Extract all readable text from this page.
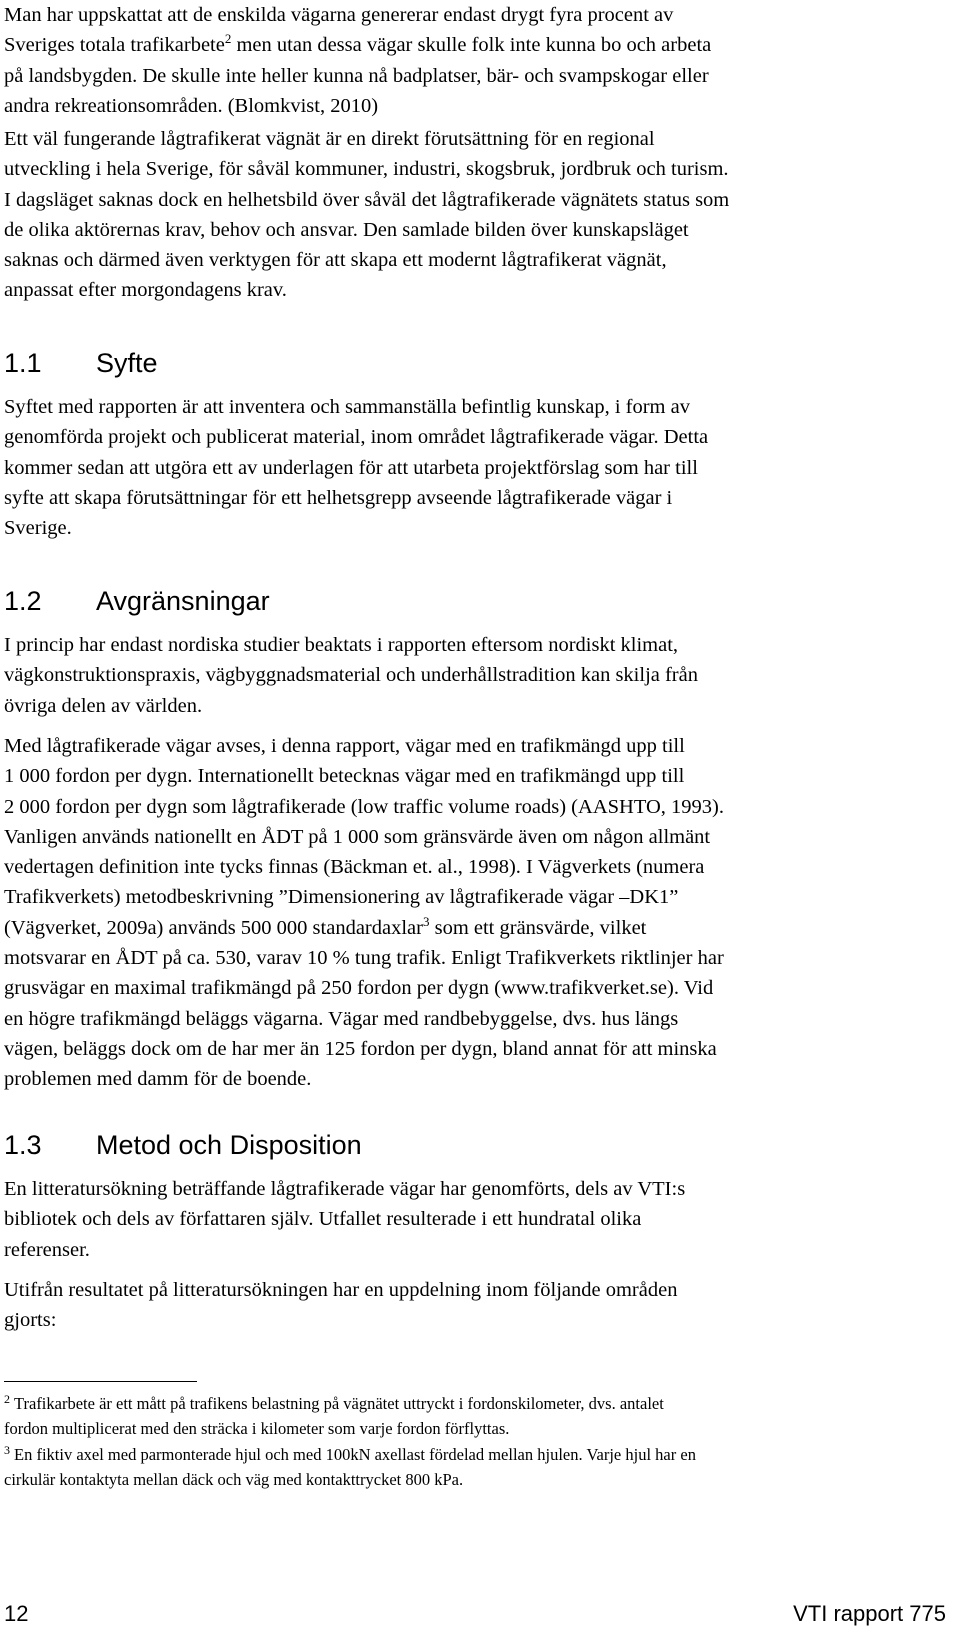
Man har uppskattat att de enskilda vägarna genererar endast drygt fyra procent av
Sveriges totala trafikarbete$^2$ men utan dessa vägar skulle folk inte kunna bo och arbeta
på landsbygden. De skulle inte heller kunna nå badplatser, bär- och svampskogar eller
andra rekreationsområden. (Blomkvist, 2010)

Ett väl fungerande lågtrafikerat vägnät är en direkt förutsättning för en regional
utveckling i hela Sverige, för såväl kommuner, industri, skogsbruk, jordbruk och turism.
I dagsläget saknas dock en helhetsbild över såväl det lågtrafikerade vägnätets status som
de olika aktörernas krav, behov och ansvar. Den samlade bilden över kunskapsläget
saknas och därmed även verktygen för att skapa ett modernt lågtrafikerat vägnät,
anpassat efter morgondagens krav.

1.1 Syfte

Syftet med rapporten är att inventera och sammanställa befintlig kunskap, i form av
genomförda projekt och publicerat material, inom området lågtrafikerade vägar. Detta
kommer sedan att utgöra ett av underlagen för att utarbeta projektförslag som har till
syfte att skapa förutsättningar för ett helhetsgrepp avseende lågtrafikerade vägar i
Sverige.

1.2 Avgränsningar

I princip har endast nordiska studier beaktats i rapporten eftersom nordiskt klimat,
vägkonstruktionspraxis, vägbyggnadsmaterial och underhållstradition kan skilja från
övriga delen av världen.

Med lågtrafikerade vägar avses, i denna rapport, vägar med en trafikmängd upp till
1 000 fordon per dygn. Internationellt betecknas vägar med en trafikmängd upp till
2 000 fordon per dygn som lågtrafikerade (low traffic volume roads) (AASHTO, 1993).
Vanligen används nationellt en ÅDT på 1 000 som gränsvärde även om någon allmänt
vedertagen definition inte tycks finnas (Bäckman et. al., 1998). I Vägverkets (numera
Trafikverkets) metodbeskrivning ”Dimensionering av lågtrafikerade vägar –DK1”
(Vägverket, 2009a) används 500 000 standardaxlar$^3$ som ett gränsvärde, vilket
motsvarar en ÅDT på ca. 530, varav 10 % tung trafik. Enligt Trafikverkets riktlinjer har
grusvägar en maximal trafikmängd på 250 fordon per dygn (www.trafikverket.se). Vid
en högre trafikmängd beläggs vägarna. Vägar med randbebyggelse, dvs. hus längs
vägen, beläggs dock om de har mer än 125 fordon per dygn, bland annat för att minska
problemen med damm för de boende.

1.3 Metod och Disposition

En litteratursökning beträffande lågtrafikerade vägar har genomförts, dels av VTI:s
bibliotek och dels av författaren själv. Utfallet resulterade i ett hundratal olika
referenser.

Utifrån resultatet på litteratursökningen har en uppdelning inom följande områden
gjorts:

$^2$ Trafikarbete är ett mått på trafikens belastning på vägnätet uttryckt i fordonskilometer, dvs. antalet
fordon multiplicerat med den sträcka i kilometer som varje fordon förflyttas.

$^3$ En fiktiv axel med parmonterade hjul och med 100kN axellast fördelad mellan hjulen. Varje hjul har en
cirkulär kontaktyta mellan däck och väg med kontakttrycket 800 kPa.

12	VTI rapport 775
